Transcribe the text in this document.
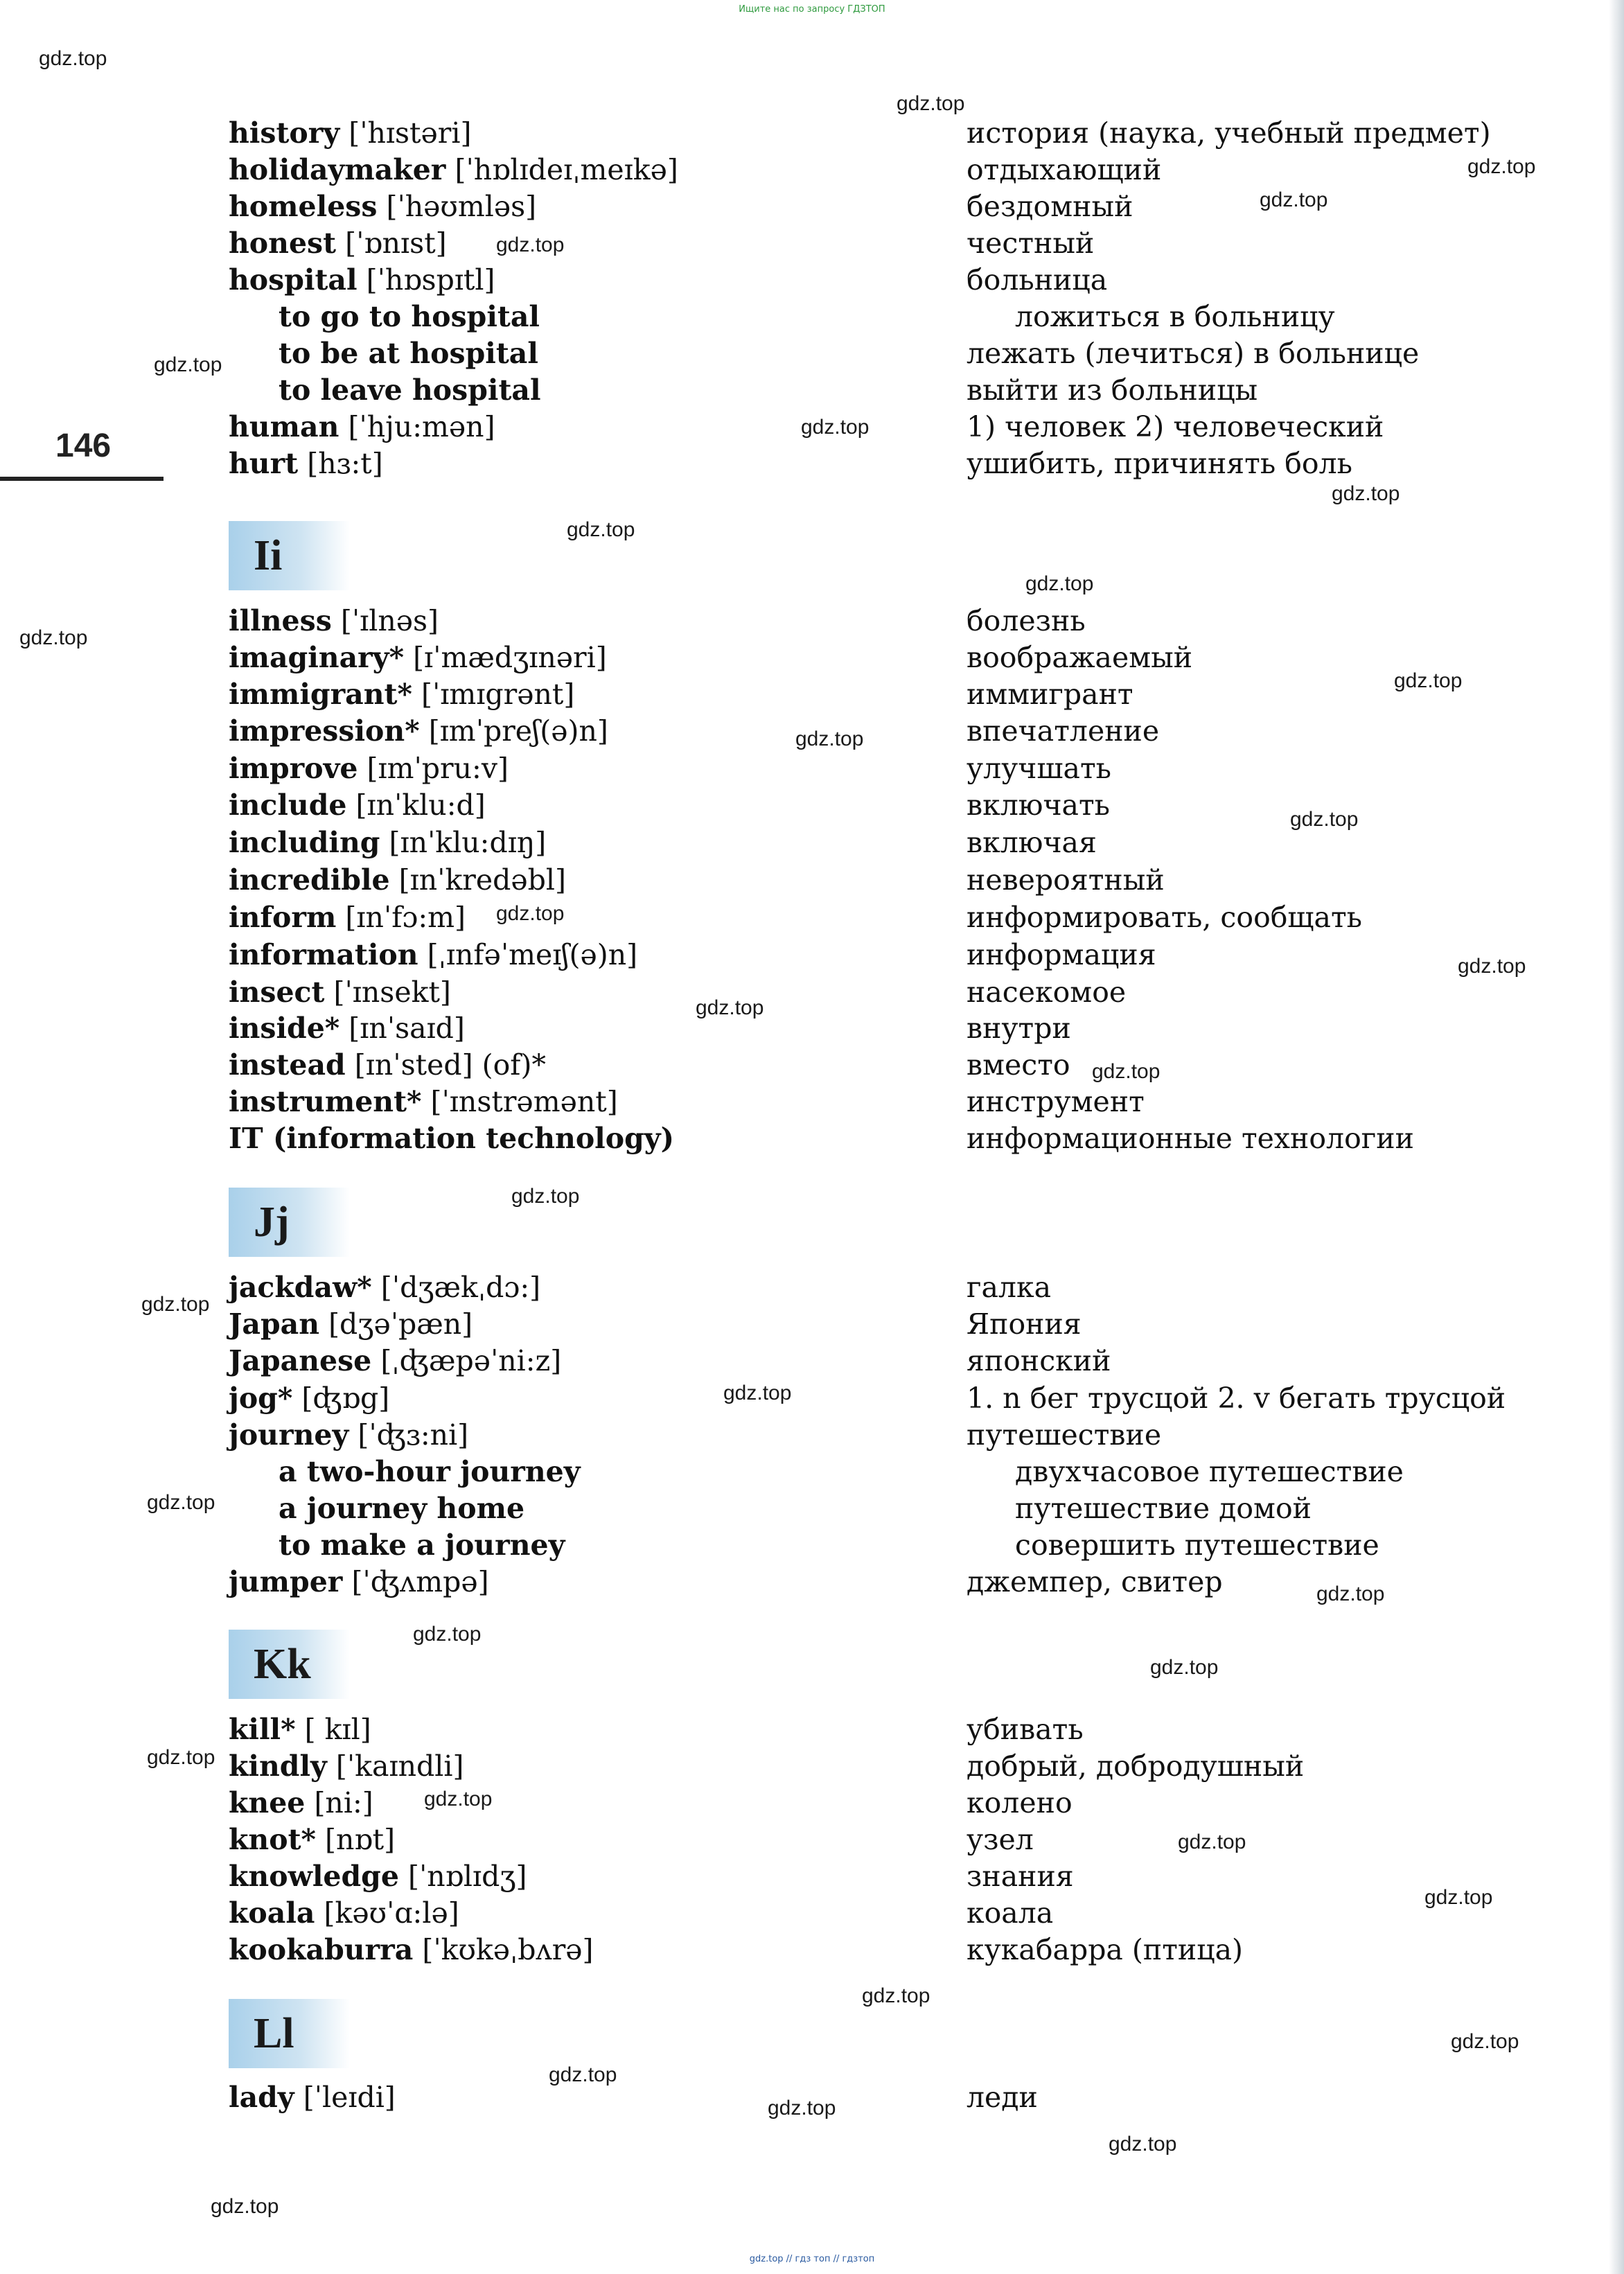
Ищите нас по запросу ГДЗТОП
146
history [ˈhɪstəri]	история (наука, учебный предмет)
holidaymaker [ˈhɒlɪdeɪˌmeɪkə]	отдыхающий
homeless [ˈhəʊmləs]	бездомный
honest [ˈɒnɪst]	честный
hospital [ˈhɒspɪtl]	больница
to go to hospital	ложиться в больницу
to be at hospital	лежать (лечиться) в больнице
to leave hospital	выйти из больницы
human [ˈhju:mən]	1) человек 2) человеческий
hurt [hɜ:t]	ушибить, причинять боль
Ii
illness [ˈɪlnəs]	болезнь
imaginary* [ɪˈmædʒɪnəri]	воображаемый
immigrant* [ˈɪmɪgrənt]	иммигрант
impression* [ɪmˈpreʃ(ə)n]	впечатление
improve [ɪmˈpru:v]	улучшать
include [ɪnˈklu:d]	включать
including [ɪnˈklu:dɪŋ]	включая
incredible [ɪnˈkredəbl]	невероятный
inform [ɪnˈfɔ:m]	информировать, сообщать
information [ˌɪnfəˈmeɪʃ(ə)n]	информация
insect [ˈɪnsekt]	насекомое
inside* [ɪnˈsaɪd]	внутри
instead [ɪnˈsted] (of)*	вместо
instrument* [ˈɪnstrəmənt]	инструмент
IT (information technology)	информационные технологии
Jj
jackdaw* [ˈdʒækˌdɔ:]	галка
Japan [dʒəˈpæn]	Япония
Japanese [ˌʤæpəˈni:z]	японский
jog* [ʤɒg]	1. n бег трусцой 2. v бегать трусцой
journey [ˈʤɜ:ni]	путешествие
a two-hour journey	двухчасовое путешествие
a journey home	путешествие домой
to make a journey	совершить путешествие
jumper [ˈʤʌmpə]	джемпер, свитер
Kk
kill* [ kɪl]	убивать
kindly [ˈkaɪndli]	добрый, добродушный
knee [ni:]	колено
knot* [nɒt]	узел
knowledge [ˈnɒlɪdʒ]	знания
koala [kəʊˈɑ:lə]	коала
kookaburra [ˈkʊkəˌbʌrə]	кукабарра (птица)
Ll
lady [ˈleɪdi]	леди
gdz.top
gdz.top
gdz.top
gdz.top
gdz.top
gdz.top
gdz.top
gdz.top
gdz.top
gdz.top
gdz.top
gdz.top
gdz.top
gdz.top
gdz.top
gdz.top
gdz.top
gdz.top
gdz.top
gdz.top
gdz.top
gdz.top
gdz.top
gdz.top
gdz.top
gdz.top
gdz.top
gdz.top
gdz.top
gdz.top
gdz.top
gdz.top
gdz.top
gdz.top
gdz.top
gdz.top // гдз топ // гдзтоп
